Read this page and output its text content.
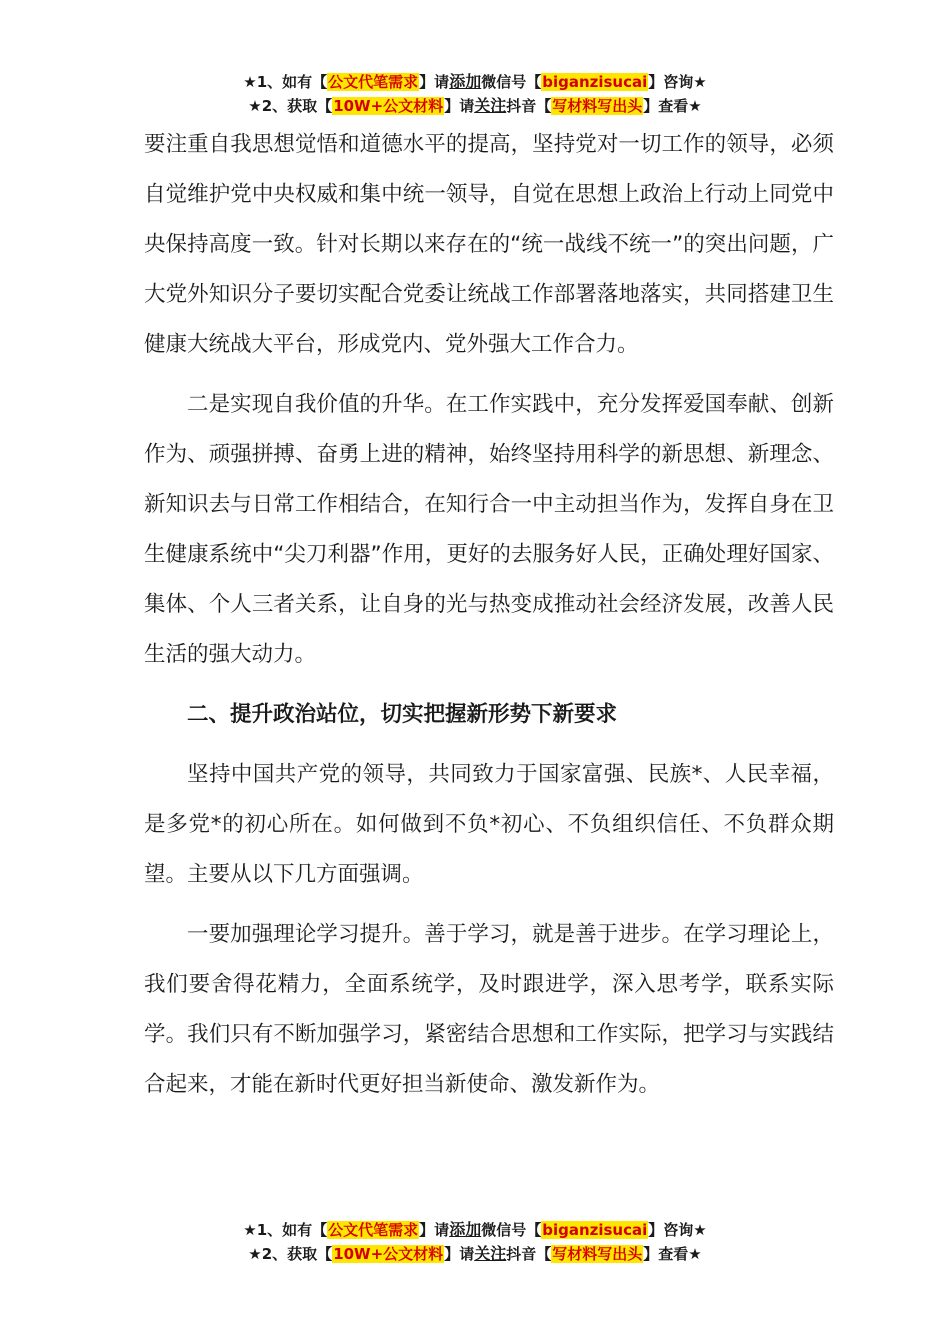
★1、如有【公文代笔需求】请添加微信号【biganzisucai】咨询★
★2、获取【10W+公文材料】请关注抖音【写材料写出头】查看★

要注重自我思想觉悟和道德水平的提高，坚持党对一切工作的领导，必须自觉维护党中央权威和集中统一领导，自觉在思想上政治上行动上同党中央保持高度一致。针对长期以来存在的“统一战线不统一”的突出问题，广大党外知识分子要切实配合党委让统战工作部署落地落实，共同搭建卫生健康大统战大平台，形成党内、党外强大工作合力。

二是实现自我价值的升华。在工作实践中，充分发挥爱国奉献、创新作为、顽强拼搏、奋勇上进的精神，始终坚持用科学的新思想、新理念、新知识去与日常工作相结合，在知行合一中主动担当作为，发挥自身在卫生健康系统中“尖刀利器”作用，更好的去服务好人民，正确处理好国家、集体、个人三者关系，让自身的光与热变成推动社会经济发展，改善人民生活的强大动力。

二、提升政治站位，切实把握新形势下新要求

坚持中国共产党的领导，共同致力于国家富强、民族*、人民幸福，是多党*的初心所在。如何做到不负*初心、不负组织信任、不负群众期望。主要从以下几方面强调。

一要加强理论学习提升。善于学习，就是善于进步。在学习理论上，我们要舍得花精力，全面系统学，及时跟进学，深入思考学，联系实际学。我们只有不断加强学习，紧密结合思想和工作实际，把学习与实践结合起来，才能在新时代更好担当新使命、激发新作为。

★1、如有【公文代笔需求】请添加微信号【biganzisucai】咨询★
★2、获取【10W+公文材料】请关注抖音【写材料写出头】查看★
